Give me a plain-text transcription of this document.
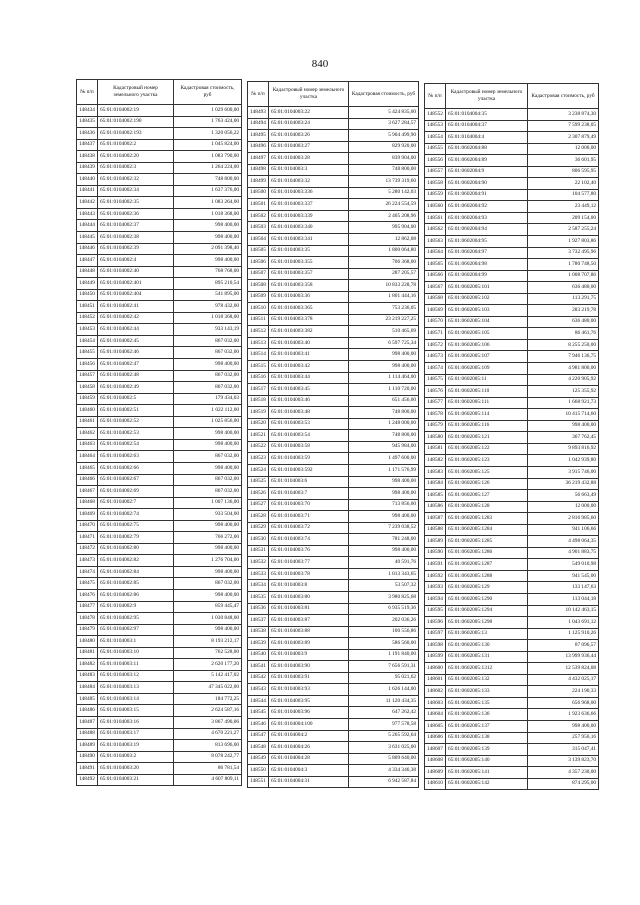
840
№ п/п	Кадастровый номер земельного участка	Кадастровая стоимость, руб
148434	65:01:0104002:19	1 029 600,00
148435	65:01:0104002:190	1 763 424,00
148436	65:01:0104002:193	1 320 056,22
148437	65:01:0104002:2	1 045 824,00
148438	65:01:0104002:20	1 083 790,00
148439	65:01:0104002:3	1 264 224,00
148440	65:01:0104002:32	748 800,00
148441	65:01:0104002:34	1 637 376,00
148442	65:01:0104002:35	1 083 264,00
148443	65:01:0104002:36	1 018 368,00
148444	65:01:0104002:37	998 400,00
148445	65:01:0104002:38	998 400,00
148446	65:01:0104002:39	2 091 398,40
148447	65:01:0104002:4	998 400,00
148448	65:01:0104002:40	768 768,00
148449	65:01:0104002:401	895 210,54
148450	65:01:0104002:404	541 895,00
148451	65:01:0104002:41	978 432,00
148452	65:01:0104002:42	1 018 368,00
148453	65:01:0104002:44	933 143,19
148454	65:01:0104002:45	867 032,00
148455	65:01:0104002:46	867 032,00
148456	65:01:0104002:47	998 400,00
148457	65:01:0104002:48	867 032,00
148458	65:01:0104002:49	867 032,00
148459	65:01:0104002:5	179 434,03
148460	65:01:0104002:51	1 022 112,00
148461	65:01:0104002:52	1 025 856,00
148462	65:01:0104002:53	998 400,00
148463	65:01:0104002:54	998 400,00
148464	65:01:0104002:63	867 032,00
148465	65:01:0104002:66	998 400,00
148466	65:01:0104002:67	867 032,00
148467	65:01:0104002:69	867 032,00
148468	65:01:0104002:7	1 007 136,00
148469	65:01:0104002:74	933 504,00
148470	65:01:0104002:75	998 400,00
148471	65:01:0104002:79	766 272,00
148472	65:01:0104002:80	998 400,00
148473	65:01:0104002:82	1 276 704,00
148474	65:01:0104002:84	998 400,00
148475	65:01:0104002:85	867 032,00
148476	65:01:0104002:86	998 400,00
148477	65:01:0104002:9	859 445,47
148478	65:01:0104002:95	1 030 848,00
148479	65:01:0104002:97	998 400,00
148480	65:01:0104003:1	8 193 212,17
148481	65:01:0104003:10	762 528,00
148482	65:01:0104003:11	2 620 177,20
148483	65:01:0104003:12	5 142 417,02
148484	65:01:0104003:13	47 345 022,00
148485	65:01:0104003:14	184 772,25
148486	65:01:0104003:15	2 624 587,16
148487	65:01:0104003:16	3 867 490,06
148488	65:01:0104003:17	4 670 221,27
148489	65:01:0104003:19	813 696,00
148490	65:01:0104003:2	8 078 242,77
148491	65:01:0104003:20	86 781,54
148492	65:01:0104003:21	4 607 809,11
№ п/п	Кадастровый номер земельного участка	Кадастровая стоимость, руб
148493	65:01:0104003:22	5 424 835,00
148494	65:01:0104003:24	3 627 284,57
148495	65:01:0104003:26	5 904 499,90
148496	65:01:0104003:27	829 920,00
148497	65:01:0104003:28	839 904,00
148498	65:01:0104003:3	748 800,00
148499	65:01:0104003:32	13 739 319,60
148500	65:01:0104003:336	5 280 142,03
148501	65:01:0104003:337	26 224 554,59
148502	65:01:0104003:339	2 405 208,96
148503	65:01:0104003:340	995 904,00
148504	65:01:0104003:341	12 862,08
148505	65:01:0104003:35	1 800 064,80
148506	65:01:0104003:355	706 368,00
148507	65:01:0104003:357	287 205,57
148508	65:01:0104003:358	10 833 228,78
148509	65:01:0104003:36	1 801 444,16
148510	65:01:0104003:365	753 236,05
148511	65:01:0104003:378	23 219 227,25
148512	65:01:0104003:382	510 465,09
148513	65:01:0104003:40	6 597 725,34
148514	65:01:0104003:41	998 400,00
148515	65:01:0104003:42	998 400,00
148516	65:01:0104003:44	1 114 464,00
148517	65:01:0104003:45	1 110 720,00
148518	65:01:0104003:46	651 456,00
148519	65:01:0104003:48	748 800,00
148520	65:01:0104003:53	1 248 000,00
148521	65:01:0104003:54	748 800,00
148522	65:01:0104003:58	945 984,00
148523	65:01:0104003:59	1 497 600,00
148524	65:01:0104003:592	1 171 576,99
148525	65:01:0104003:6	998 400,00
148526	65:01:0104003:7	998 400,00
148527	65:01:0104003:70	713 856,00
148528	65:01:0104003:71	998 400,00
148529	65:01:0104003:72	7 239 038,52
148530	65:01:0104003:74	781 248,00
148531	65:01:0104003:76	998 400,00
148532	65:01:0104003:77	40 591,76
148533	65:01:0104003:78	1 013 343,65
148534	65:01:0104003:8	53 507,32
148535	65:01:0104003:80	3 980 825,68
148536	65:01:0104003:81	6 935 519,36
148537	65:01:0104003:87	202 036,26
148538	65:01:0104003:88	100 556,86
148539	65:01:0104003:89	586 560,00
148540	65:01:0104003:9	1 191 840,00
148541	65:01:0104003:90	7 656 591,31
148542	65:01:0104003:91	95 021,62
148543	65:01:0104003:93	1 626 144,00
148544	65:01:0104003:95	11 120 434,35
148545	65:01:0104003:96	647 262,42
148546	65:01:0104004:100	977 578,58
148547	65:01:0104004:2	5 265 592,64
148548	65:01:0104004:26	3 631 025,00
148549	65:01:0104004:28	5 809 640,00
148550	65:01:0104004:3	4 334 346,38
148551	65:01:0104004:31	6 942 587,84
№ п/п	Кадастровый номер земельного участка	Кадастровая стоимость, руб
148552	65:01:0104004:35	3 238 874,30
148553	65:01:0104004:37	7 599 238,05
148554	65:01:0104004:4	2 307 879,49
148555	65:01:0602004:88	12 000,00
148556	65:01:0602004:89	36 601,95
148557	65:01:0602004:9	806 595,95
148558	65:01:0602004:90	22 102,40
148559	65:01:0602004:91	104 577,80
148560	65:01:0602004:92	23 449,12
148561	65:01:0602004:93	209 154,00
148562	65:01:0602004:94	2 587 255,24
148563	65:01:0602004:95	1 927 803,86
148564	65:01:0602004:97	3 732 495,96
148565	65:01:0602004:98	1 780 748,50
148566	65:01:0602004:99	1 008 707,86
148567	65:01:0602005:101	636 480,00
148568	65:01:0602005:102	113 291,75
148569	65:01:0602005:103	283 219,78
148570	65:01:0602005:104	636 480,00
148571	65:01:0602005:105	86 461,76
148572	65:01:0602005:106	8 255 250,00
148573	65:01:0602005:107	7 946 136,75
148574	65:01:0602005:109	4 981 800,00
148575	65:01:0602005:11	4 220 905,92
148576	65:01:0602005:110	125 355,92
148577	65:01:0602005:111	1 668 921,73
148578	65:01:0602005:114	10 415 714,60
148579	65:01:0602005:116	998 400,00
148580	65:01:0602005:121	367 762,45
148581	65:01:0602005:122	9 893 816,92
148582	65:01:0602005:123	1 042 939,80
148583	65:01:0602005:125	3 915 746,00
148584	65:01:0602005:126	36 219 432,88
148585	65:01:0602005:127	56 663,49
148586	65:01:0602005:128	12 000,00
148587	65:01:0602005:1283	2 816 985,60
148588	65:01:0602005:1284	941 106,66
148589	65:01:0602005:1285	4 498 064,35
148590	65:01:0602005:1286	4 901 883,75
148591	65:01:0602005:1287	549 010,98
148592	65:01:0602005:1288	941 545,00
148593	65:01:0602005:129	133 147,63
148594	65:01:0602005:1290	113 044,18
148595	65:01:0602005:1294	10 142 463,15
148596	65:01:0602005:1298	1 043 691,12
148597	65:01:0602005:13	1 125 910,26
148598	65:01:0602005:130	87 096,57
148599	65:01:0602005:131	13 999 936,44
148600	65:01:0602005:1312	12 539 824,08
148601	65:01:0602005:132	4 432 025,17
148602	65:01:0602005:133	224 190,33
148603	65:01:0602005:135	656 968,00
148604	65:01:0602005:136	1 923 636,66
148605	65:01:0602005:137	998 400,00
148606	65:01:0602005:138	257 956,16
148607	65:01:0602005:139	315 047,41
148608	65:01:0602005:140	3 139 823,70
148609	65:01:0602005:141	4 357 230,00
148610	65:01:0602005:142	874 295,00
